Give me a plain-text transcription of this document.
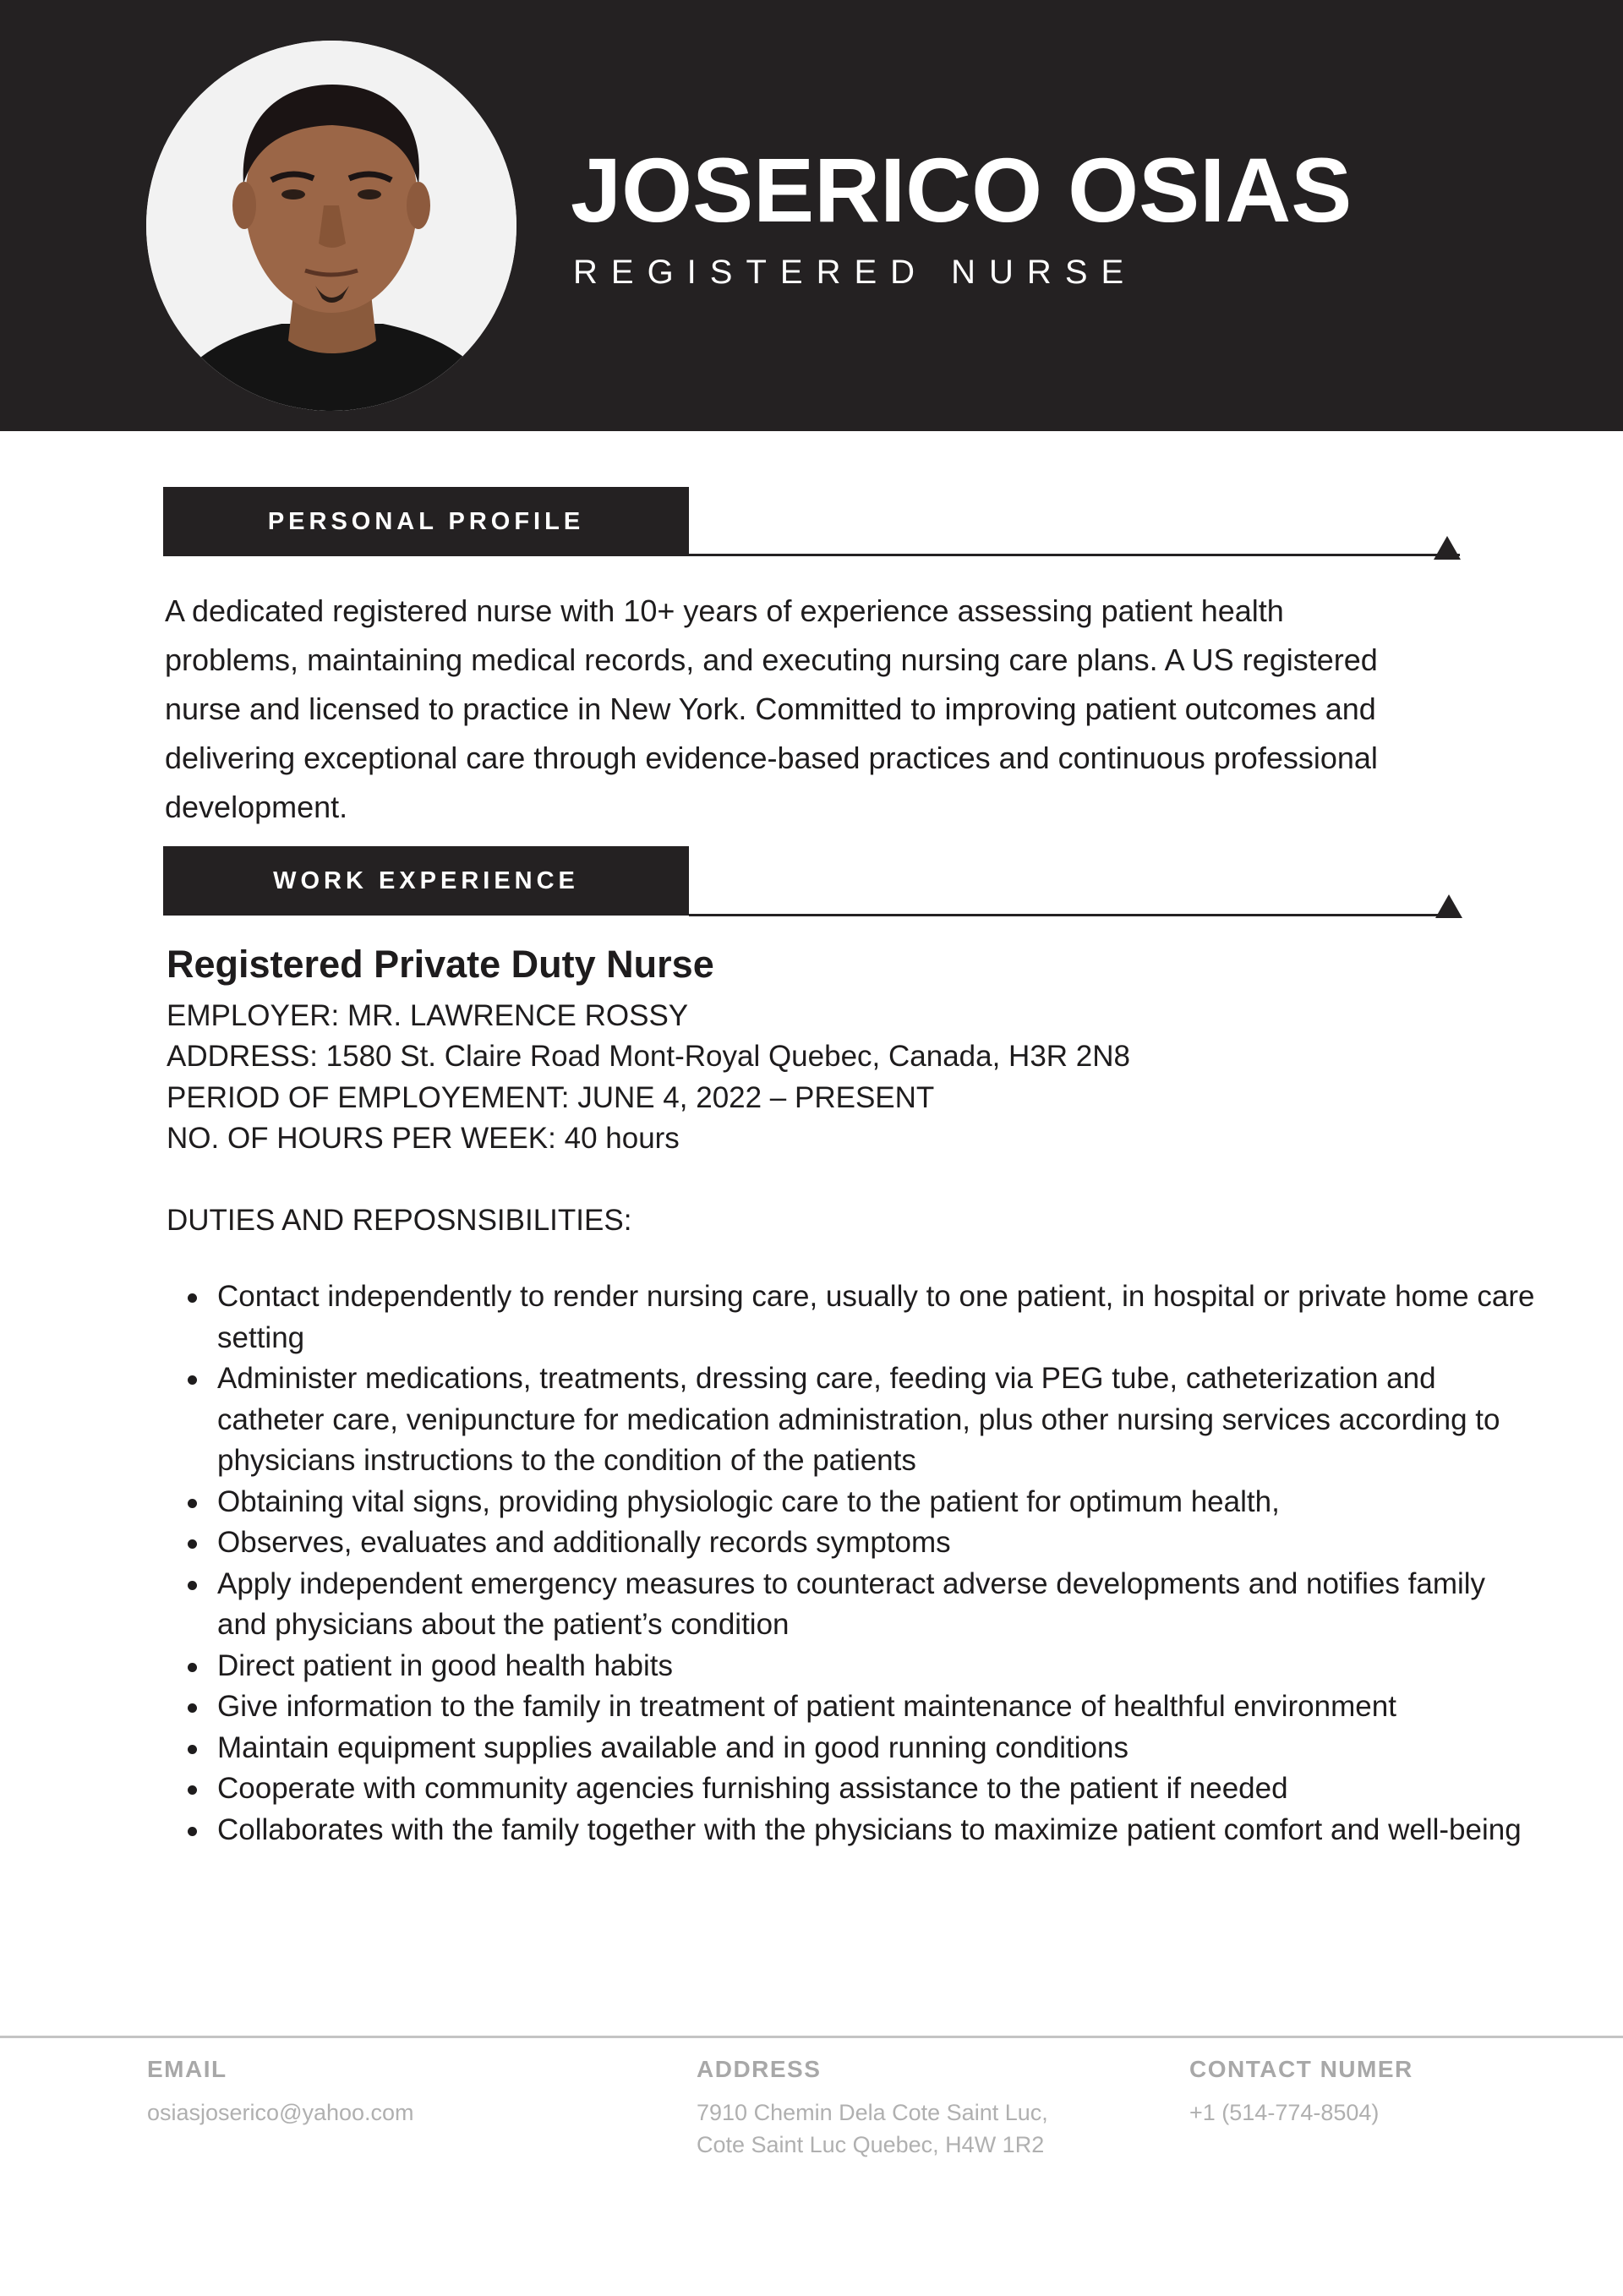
JOSERICO OSIAS
REGISTERED NURSE
PERSONAL PROFILE
A dedicated registered nurse with 10+ years of experience assessing patient health
problems, maintaining medical records, and executing nursing care plans. A US registered
nurse and licensed to practice in New York. Committed to improving patient outcomes and
delivering exceptional care through evidence-based practices and continuous professional
development.
WORK EXPERIENCE
Registered Private Duty Nurse
EMPLOYER: MR. LAWRENCE ROSSY
ADDRESS: 1580 St. Claire Road Mont-Royal Quebec, Canada, H3R 2N8
PERIOD OF EMPLOYEMENT: JUNE 4, 2022 – PRESENT
NO. OF HOURS PER WEEK: 40 hours
DUTIES AND REPOSNSIBILITIES:
Contact independently to render nursing care, usually to one patient, in hospital or private home care setting
Administer medications, treatments, dressing care, feeding via PEG tube, catheterization and catheter care, venipuncture for medication administration, plus other nursing services according to physicians instructions to the condition of the patients
Obtaining vital signs, providing physiologic care to the patient for optimum health,
Observes, evaluates and additionally records symptoms
Apply independent emergency measures to counteract adverse developments and notifies family and physicians about the patient’s condition
Direct patient in good health habits
Give information to the family in treatment of patient maintenance of healthful environment
Maintain equipment supplies available and in good running conditions
Cooperate with community agencies furnishing assistance to the patient if needed
Collaborates with the family together with the physicians to maximize patient comfort and well-being
EMAIL
osiasjoserico@yahoo.com
ADDRESS
7910 Chemin Dela Cote Saint Luc,
Cote Saint Luc Quebec, H4W 1R2
CONTACT NUMER
+1 (514-774-8504)
